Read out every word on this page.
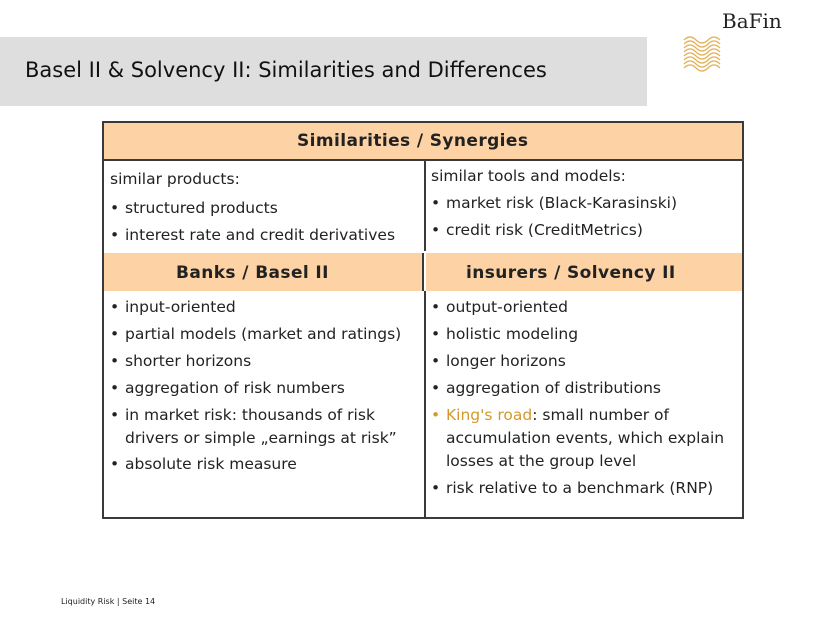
Basel II & Solvency II: Similarities and Differences
BaFin
Similarities / Synergies
similar products:
• structured products
• interest rate and credit derivatives
similar tools and models:
• market risk (Black-Karasinski)
• credit risk (CreditMetrics)
Banks / Basel II	insurers / Solvency II
• input-oriented
• partial models (market and ratings)
• shorter horizons
• aggregation of risk numbers
• in market risk: thousands of risk drivers or simple „earnings at risk”
• absolute risk measure
• output-oriented
• holistic modeling
• longer horizons
• aggregation of distributions
• King's road: small number of accumulation events, which explain losses at the group level
• risk relative to a benchmark (RNP)
Liquidity Risk | Seite 14
